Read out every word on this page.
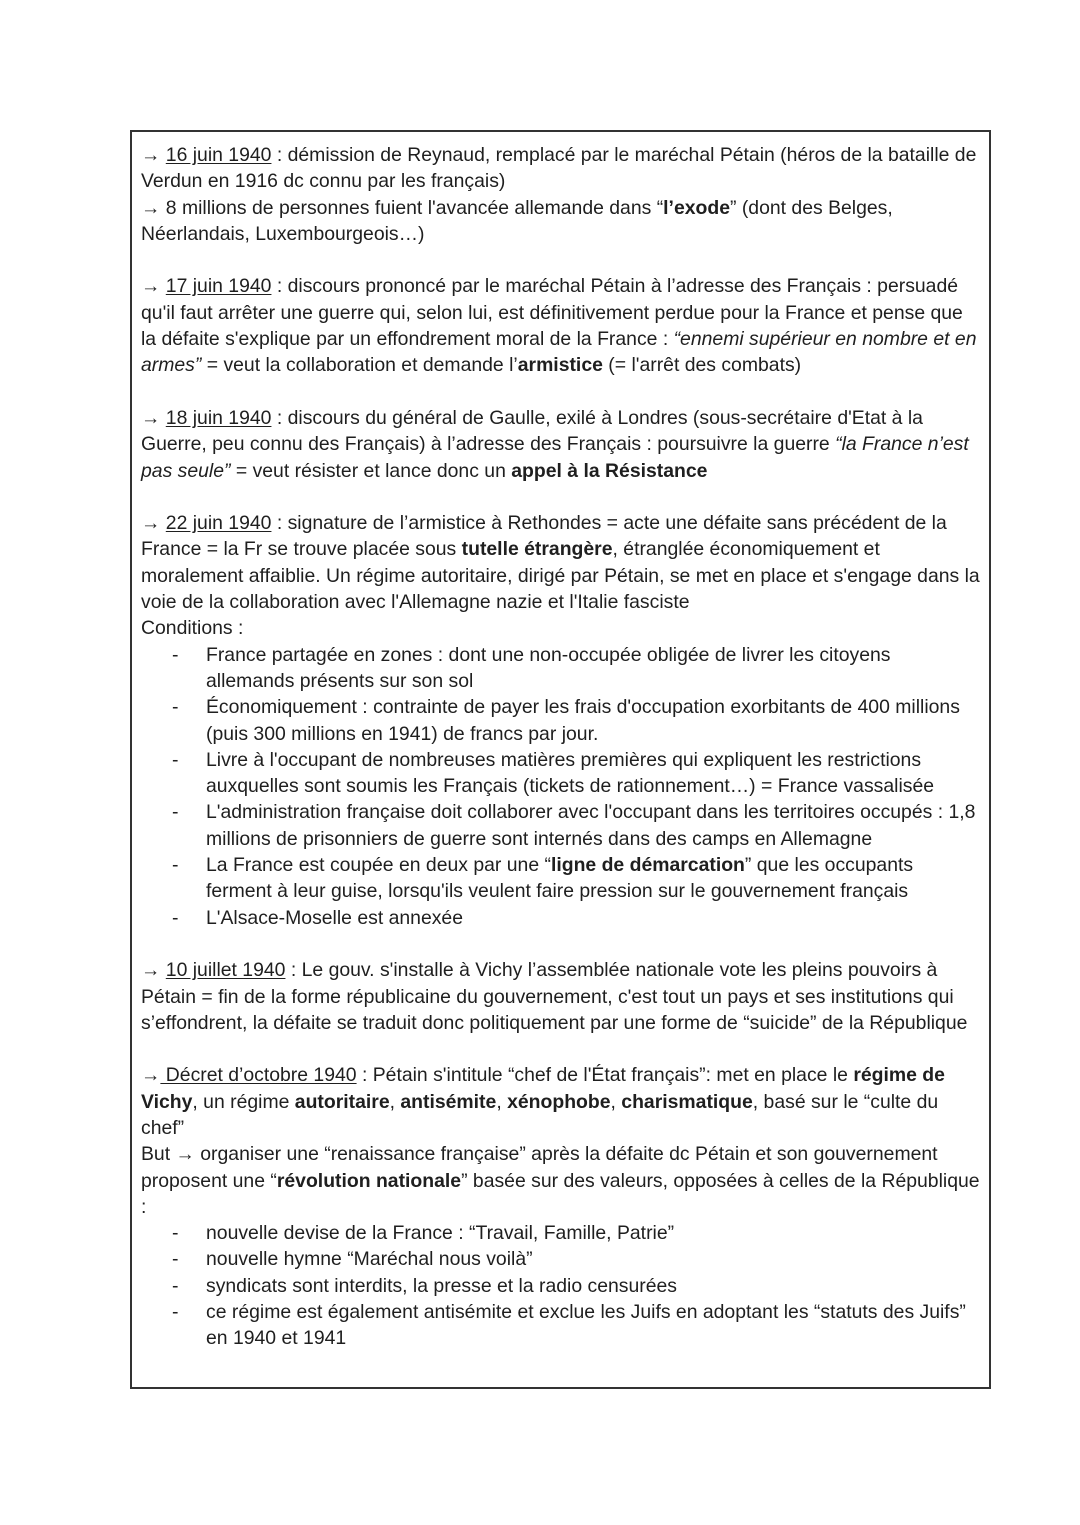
→ 16 juin 1940 : démission de Reynaud, remplacé par le maréchal Pétain (héros de la bataille de Verdun en 1916 dc connu par les français)

→ 8 millions de personnes fuient l'avancée allemande dans “l’exode” (dont des Belges, Néerlandais, Luxembourgeois…)

→ 17 juin 1940 : discours prononcé par le maréchal Pétain à l’adresse des Français : persuadé qu'il faut arrêter une guerre qui, selon lui, est définitivement perdue pour la France et pense que la défaite s'explique par un effondrement moral de la France : “ennemi supérieur en nombre et en armes” = veut la collaboration et demande l’armistice (= l'arrêt des combats)

→ 18 juin 1940 : discours du général de Gaulle, exilé à Londres (sous-secrétaire d'Etat à la Guerre, peu connu des Français) à l’adresse des Français : poursuivre la guerre “la France n’est pas seule” = veut résister et lance donc un appel à la Résistance

→ 22 juin 1940 : signature de l’armistice à Rethondes = acte une défaite sans précédent de la France = la Fr se trouve placée sous tutelle étrangère, étranglée économiquement et moralement affaiblie. Un régime autoritaire, dirigé par Pétain, se met en place et s'engage dans la voie de la collaboration avec l'Allemagne nazie et l'Italie fasciste

Conditions :

- France partagée en zones : dont une non-occupée obligée de livrer les citoyens allemands présents sur son sol
- Économiquement : contrainte de payer les frais d'occupation exorbitants de 400 millions (puis 300 millions en 1941) de francs par jour.
- Livre à l'occupant de nombreuses matières premières qui expliquent les restrictions auxquelles sont soumis les Français (tickets de rationnement…) = France vassalisée
- L'administration française doit collaborer avec l'occupant dans les territoires occupés : 1,8 millions de prisonniers de guerre sont internés dans des camps en Allemagne
- La France est coupée en deux par une “ligne de démarcation” que les occupants ferment à leur guise, lorsqu'ils veulent faire pression sur le gouvernement français
- L'Alsace-Moselle est annexée

→ 10 juillet 1940 : Le gouv. s'installe à Vichy l’assemblée nationale vote les pleins pouvoirs à Pétain = fin de la forme républicaine du gouvernement, c'est tout un pays et ses institutions qui s’effondrent, la défaite se traduit donc politiquement par une forme de “suicide” de la République

→ Décret d’octobre 1940 : Pétain s'intitule “chef de l'État français”: met en place le régime de Vichy, un régime autoritaire, antisémite, xénophobe, charismatique, basé sur le “culte du chef”

But → organiser une “renaissance française” après la défaite dc Pétain et son gouvernement proposent une “révolution nationale” basée sur des valeurs, opposées à celles de la République :

- nouvelle devise de la France : “Travail, Famille, Patrie”
- nouvelle hymne “Maréchal nous voilà”
- syndicats sont interdits, la presse et la radio censurées
- ce régime est également antisémite et exclue les Juifs en adoptant les “statuts des Juifs” en 1940 et 1941
